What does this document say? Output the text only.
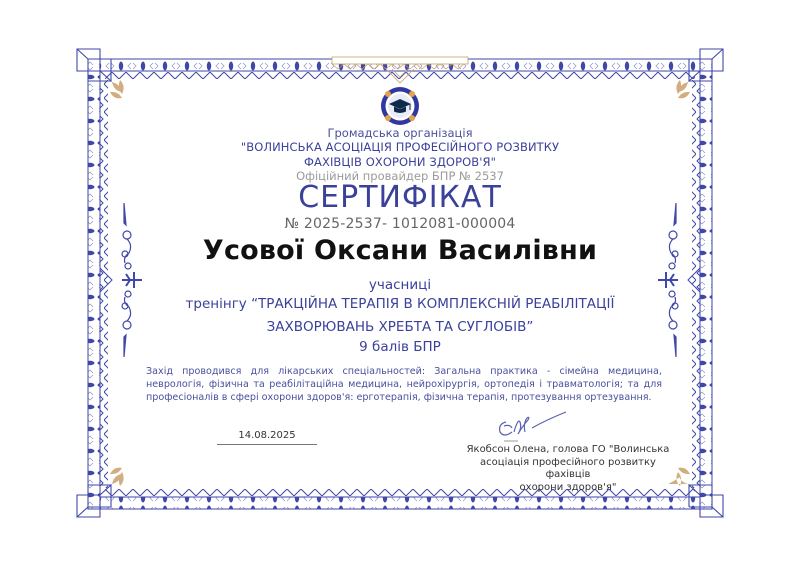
Громадська організація
"ВОЛИНСЬКА АСОЦІАЦІЯ ПРОФЕСІЙНОГО РОЗВИТКУ
ФАХІВЦІВ ОХОРОНИ ЗДОРОВ'Я"
Офіційний провайдер БПР № 2537
СЕРТИФІКАТ
№ 2025-2537- 1012081-000004
Усової Оксани Василівни
учасниці
тренінгу “ТРАКЦІЙНА ТЕРАПІЯ В КОМПЛЕКСНІЙ РЕАБІЛІТАЦІЇ
ЗАХВОРЮВАНЬ ХРЕБТА ТА СУГЛОБІВ”
9 балів БПР
Захід проводився для лікарських спеціальностей: Загальна практика - сімейна медицина, неврологія, фізична та реабілітаційна медицина, нейрохірургія, ортопедія і травматологія; та для професіоналів в сфері охорони здоров'я: ерготерапія, фізична терапія, протезування ортезування.
14.08.2025
Якобсон Олена, голова ГО "Волинська
асоціація професійного розвитку фахівців
охорони здоров'я"
